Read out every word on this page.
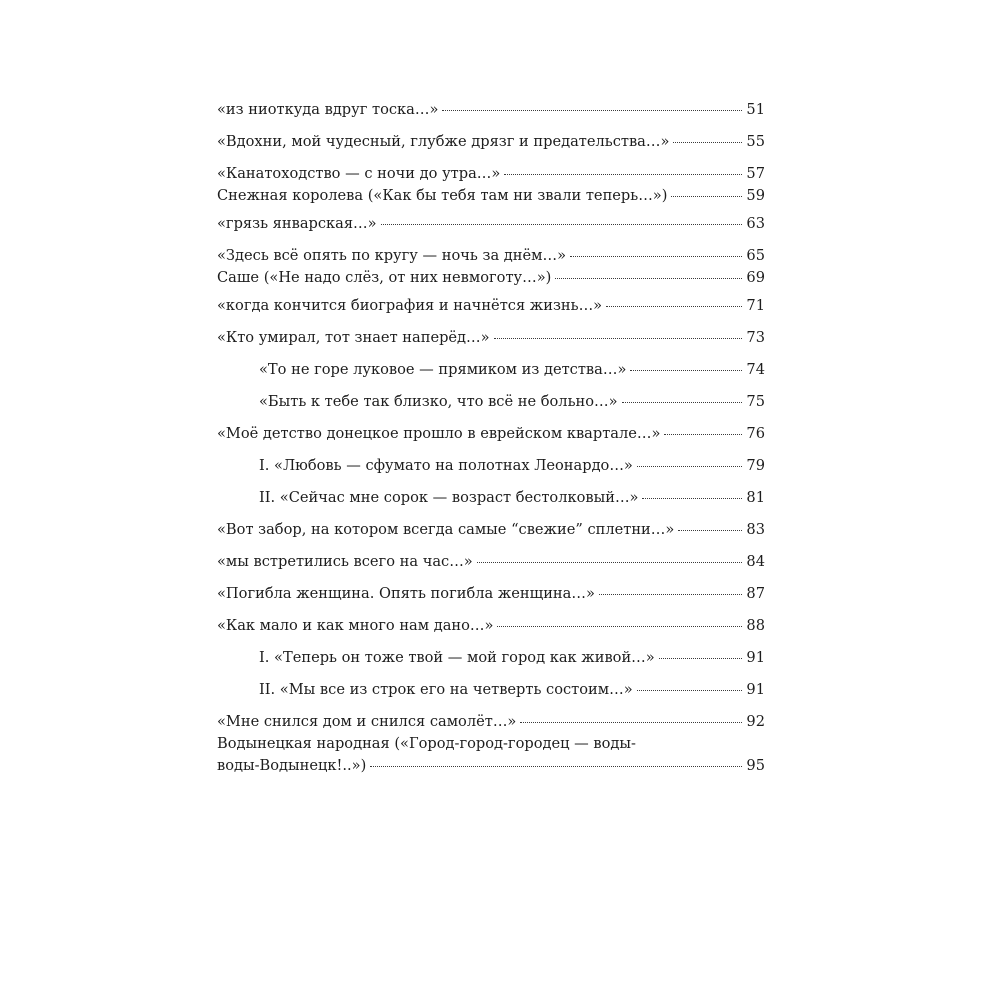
«из ниоткуда вдруг тоска…»	51
«Вдохни, мой чудесный, глубже дрязг и предательства…»	55
«Канатоходство — с ночи до утра…»	57
Снежная королева («Как бы тебя там ни звали теперь…»)	59
«грязь январская…»	63
«Здесь всё опять по кругу — ночь за днём…»	65
Саше («Не надо слёз, от них невмоготу…»)	69
«когда кончится биография и начнётся жизнь…»	71
«Кто умирал, тот знает наперёд…»	73
«То не горе луковое — прямиком из детства…»	74
«Быть к тебе так близко, что всё не больно…»	75
«Моё детство донецкое прошло в еврейском квартале…»	76
I. «Любовь — сфумато на полотнах Леонардо…»	79
II. «Сейчас мне сорок — возраст бестолковый…»	81
«Вот забор, на котором всегда самые “свежие” сплетни…»	83
«мы встретились всего на час…»	84
«Погибла женщина. Опять погибла женщина…»	87
«Как мало и как много нам дано…»	88
I. «Теперь он тоже твой — мой город как живой…»	91
II. «Мы все из строк его на четверть состоим…»	91
«Мне снился дом и снился самолёт…»	92
Водынецкая народная («Город-город-городец — воды-
воды-Водынецк!..»)	95
